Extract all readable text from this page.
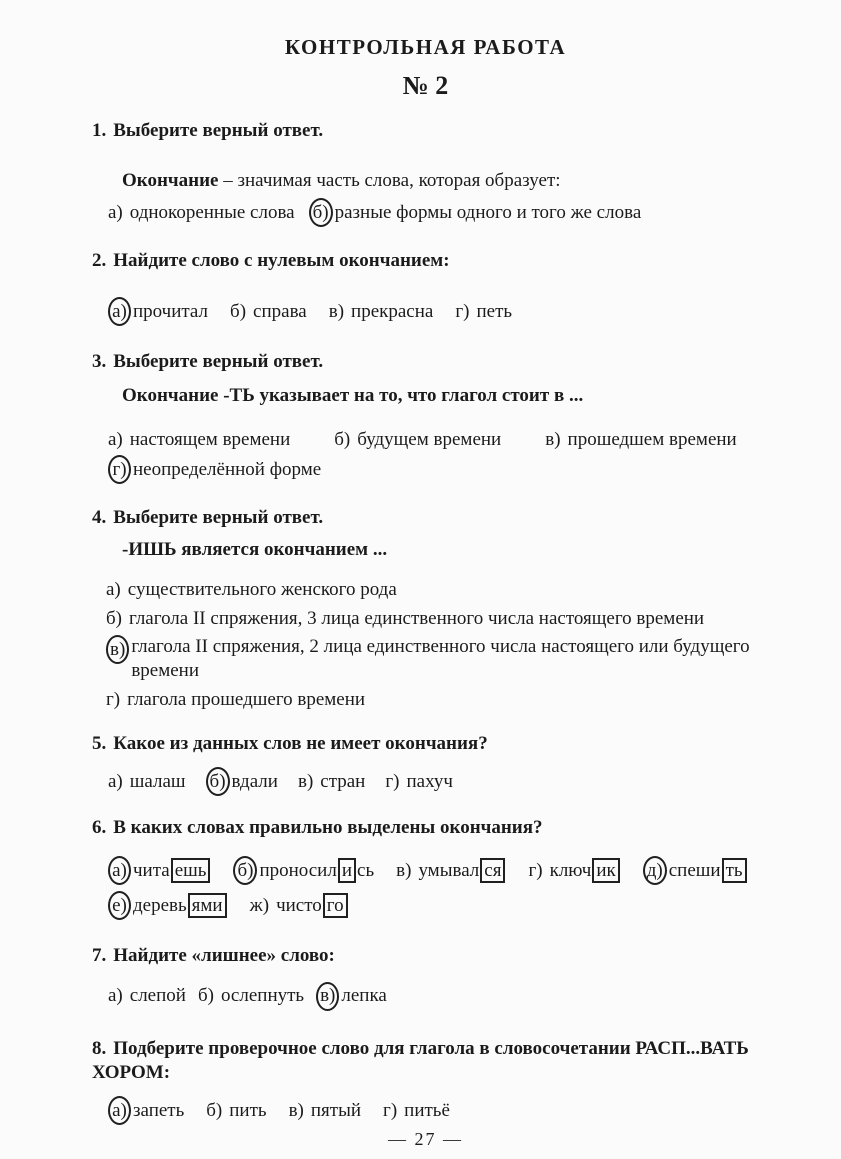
КОНТРОЛЬНАЯ РАБОТА
№ 2
1. Выберите верный ответ.
Окончание – значимая часть слова, которая образует:
а) однокоренные слова б) разные формы одного и того же слова
2. Найдите слово с нулевым окончанием:
а) прочитал б) справа в) прекрасна г) петь
3. Выберите верный ответ.
Окончание -ТЬ указывает на то, что глагол стоит в ...
а) настоящем времени б) будущем времени в) прошедшем времени
г) неопределённой форме
4. Выберите верный ответ.
-ИШЬ является окончанием ...
а) существительного женского рода
б) глагола II спряжения, 3 лица единственного числа настоящего времени
в) глагола II спряжения, 2 лица единственного числа настоящего или будущего времени
г) глагола прошедшего времени
5. Какое из данных слов не имеет окончания?
а) шалаш б) вдали в) стран г) пахуч
6. В каких словах правильно выделены окончания?
а) чита ешь б) проносил и сь в) умывал ся г) ключ ик д) спеши ть
е) деревь ями ж) чисто го
7. Найдите «лишнее» слово:
а) слепой б) ослепнуть в) лепка
8. Подберите проверочное слово для глагола в словосочетании РАСП...ВАТЬ ХОРОМ:
а) запеть б) пить в) пятый г) питьё
— 27 —
